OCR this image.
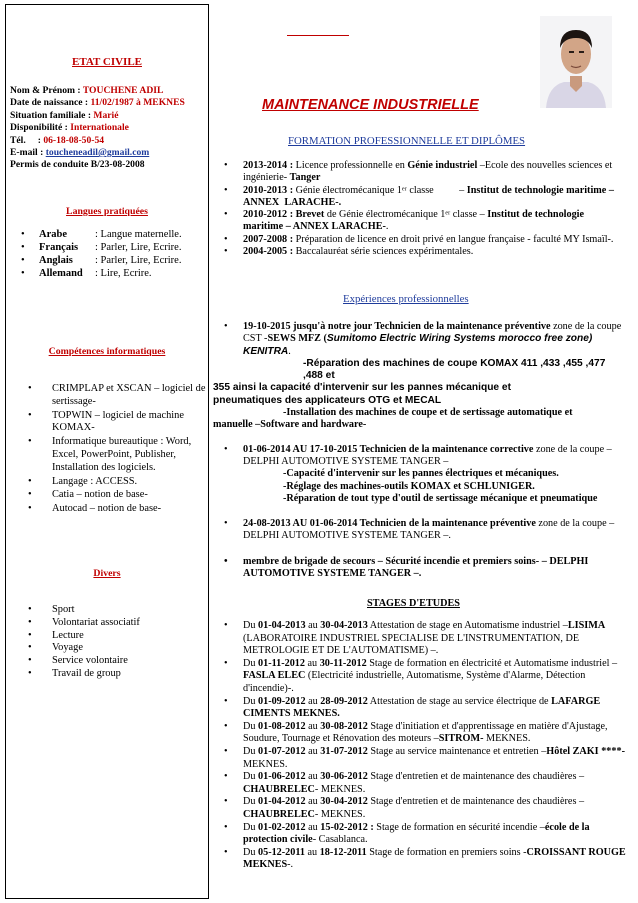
ETAT CIVILE
Nom & Prénom : TOUCHENE ADIL
Date de naissance : 11/02/1987 à MEKNES
Situation familiale : Marié
Disponibilité : Internationale
Tél.     : 06-18-08-50-54
E-mail : toucheneadil@gmail.com
Permis de conduite B/23-08-2008
Langues pratiquées
• Arabe	: Langue maternelle.
• Français : Parler, Lire, Ecrire.
• Anglais : Parler, Lire, Ecrire.
• Allemand : Lire, Ecrire.
Compétences informatiques
• CRIMPLAP et XSCAN – logiciel de sertissage-
• TOPWIN – logiciel de machine KOMAX-
• Informatique bureautique : Word, Excel, PowerPoint, Publisher, Installation des logiciels.
• Langage : ACCESS.
• Catia – notion de base-
• Autocad – notion de base-
Divers
• Sport
• Volontariat associatif
• Lecture
• Voyage
• Service volontaire
• Travail de group
MAINTENANCE INDUSTRIELLE
FORMATION PROFESSIONNELLE ET DIPLÔMES
• 2013-2014 : Licence professionnelle en Génie industriel –Ecole des nouvelles sciences et ingénierie- Tanger
• 2010-2013 : Génie électromécanique 1ᵉʳ classe          – Institut de technologie maritime – ANNEX  LARACHE-.
• 2010-2012 : Brevet de Génie électromécanique 1ᵉʳ classe – Institut de technologie maritime – ANNEX LARACHE-.
• 2007-2008 : Préparation de licence en droit privé en langue française - faculté MY Ismaïl-.
• 2004-2005 : Baccalauréat série sciences expérimentales.
Expériences professionnelles
• 19-10-2015 jusqu'à notre jour Technicien de la maintenance préventive zone de la coupe CST -SEWS MFZ (Sumitomo Electric Wiring Systems morocco free zone) KENITRA.
-Réparation des machines de coupe KOMAX 411 ,433 ,455 ,477 ,488 et
355 ainsi la capacité d'intervenir sur les pannes mécanique et
pneumatiques des applicateurs OTG et MECAL
-Installation des machines de coupe et de sertissage automatique et
manuelle –Software and hardware-
• 01-06-2014 AU 17-10-2015 Technicien de la maintenance corrective zone de la coupe – DELPHI AUTOMOTIVE SYSTEME TANGER –
-Capacité d'intervenir sur les pannes électriques et mécaniques.
-Réglage des machines-outils KOMAX et SCHLUNIGER.
-Réparation de tout type d'outil de sertissage mécanique et pneumatique
• 24-08-2013 AU 01-06-2014 Technicien de la maintenance préventive zone de la coupe – DELPHI AUTOMOTIVE SYSTEME TANGER –.
• membre de brigade de secours – Sécurité incendie et premiers soins- – DELPHI AUTOMOTIVE SYSTEME TANGER –.
STAGES D'ETUDES
• Du 01-04-2013 au 30-04-2013 Attestation de stage en Automatisme industriel –LISIMA (LABORATOIRE INDUSTRIEL SPECIALISE DE L'INSTRUMENTATION, DE METROLOGIE ET DE L'AUTOMATISME) –.
• Du 01-11-2012 au 30-11-2012 Stage de formation en électricité et Automatisme industriel –FASLA ELEC (Electricité industrielle, Automatisme, Système d'Alarme, Détection d'incendie)-.
• Du 01-09-2012 au 28-09-2012 Attestation de stage au service électrique de LAFARGE CIMENTS MEKNES.
• Du 01-08-2012 au 30-08-2012 Stage d'initiation et d'apprentissage en matière d'Ajustage, Soudure, Tournage et Rénovation des moteurs –SITROM- MEKNES.
• Du 01-07-2012 au 31-07-2012 Stage au service maintenance et entretien –Hôtel ZAKI ****- MEKNES.
• Du 01-06-2012 au 30-06-2012 Stage d'entretien et de maintenance des chaudières – CHAUBRELEC- MEKNES.
• Du 01-04-2012 au 30-04-2012 Stage d'entretien et de maintenance des chaudières – CHAUBRELEC- MEKNES.
• Du 01-02-2012 au 15-02-2012 : Stage de formation en sécurité incendie –école de la protection civile- Casablanca.
• Du 05-12-2011 au 18-12-2011 Stage de formation en premiers soins -CROISSANT ROUGE MEKNES-.
